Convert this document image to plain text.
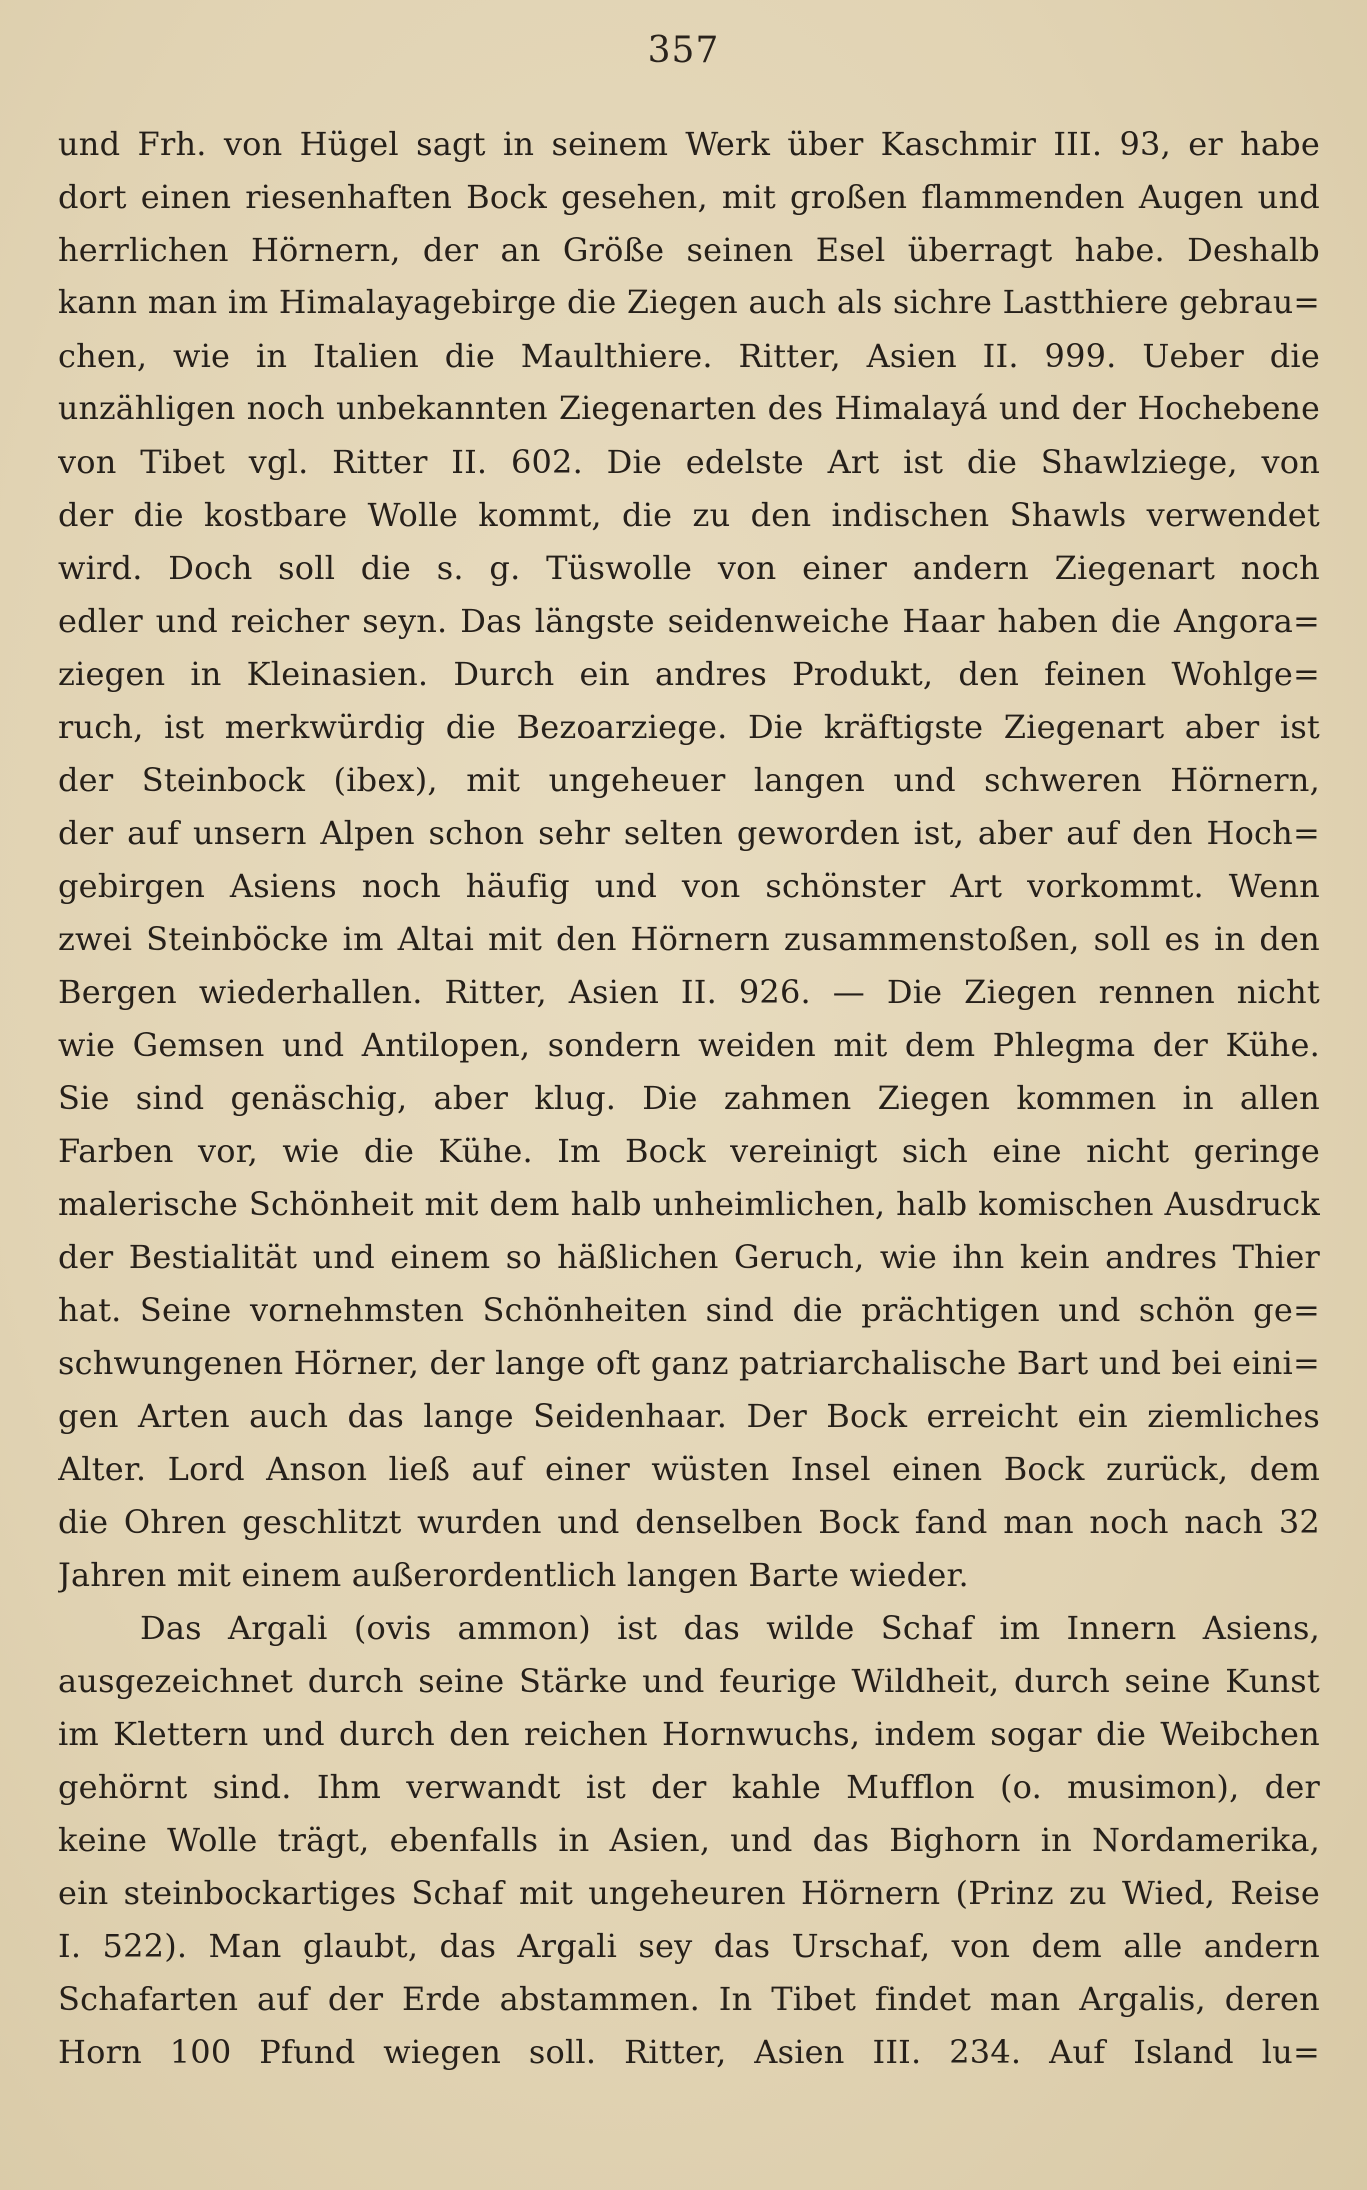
357
und Frh. von Hügel sagt in seinem Werk über Kaschmir III. 93, er habe
dort einen riesenhaften Bock gesehen, mit großen flammenden Augen und
herrlichen Hörnern, der an Größe seinen Esel überragt habe. Deshalb
kann man im Himalayagebirge die Ziegen auch als sichre Lastthiere gebrau=
chen, wie in Italien die Maulthiere. Ritter, Asien II. 999. Ueber die
unzähligen noch unbekannten Ziegenarten des Himalayá und der Hochebene
von Tibet vgl. Ritter II. 602. Die edelste Art ist die Shawlziege, von
der die kostbare Wolle kommt, die zu den indischen Shawls verwendet
wird. Doch soll die s. g. Tüswolle von einer andern Ziegenart noch
edler und reicher seyn. Das längste seidenweiche Haar haben die Angora=
ziegen in Kleinasien. Durch ein andres Produkt, den feinen Wohlge=
ruch, ist merkwürdig die Bezoarziege. Die kräftigste Ziegenart aber ist
der Steinbock (ibex), mit ungeheuer langen und schweren Hörnern,
der auf unsern Alpen schon sehr selten geworden ist, aber auf den Hoch=
gebirgen Asiens noch häufig und von schönster Art vorkommt. Wenn
zwei Steinböcke im Altai mit den Hörnern zusammenstoßen, soll es in den
Bergen wiederhallen. Ritter, Asien II. 926. — Die Ziegen rennen nicht
wie Gemsen und Antilopen, sondern weiden mit dem Phlegma der Kühe.
Sie sind genäschig, aber klug. Die zahmen Ziegen kommen in allen
Farben vor, wie die Kühe. Im Bock vereinigt sich eine nicht geringe
malerische Schönheit mit dem halb unheimlichen, halb komischen Ausdruck
der Bestialität und einem so häßlichen Geruch, wie ihn kein andres Thier
hat. Seine vornehmsten Schönheiten sind die prächtigen und schön ge=
schwungenen Hörner, der lange oft ganz patriarchalische Bart und bei eini=
gen Arten auch das lange Seidenhaar. Der Bock erreicht ein ziemliches
Alter. Lord Anson ließ auf einer wüsten Insel einen Bock zurück, dem
die Ohren geschlitzt wurden und denselben Bock fand man noch nach 32
Jahren mit einem außerordentlich langen Barte wieder.
Das Argali (ovis ammon) ist das wilde Schaf im Innern Asiens,
ausgezeichnet durch seine Stärke und feurige Wildheit, durch seine Kunst
im Klettern und durch den reichen Hornwuchs, indem sogar die Weibchen
gehörnt sind. Ihm verwandt ist der kahle Mufflon (o. musimon), der
keine Wolle trägt, ebenfalls in Asien, und das Bighorn in Nordamerika,
ein steinbockartiges Schaf mit ungeheuren Hörnern (Prinz zu Wied, Reise
I. 522). Man glaubt, das Argali sey das Urschaf, von dem alle andern
Schafarten auf der Erde abstammen. In Tibet findet man Argalis, deren
Horn 100 Pfund wiegen soll. Ritter, Asien III. 234. Auf Island lu=
